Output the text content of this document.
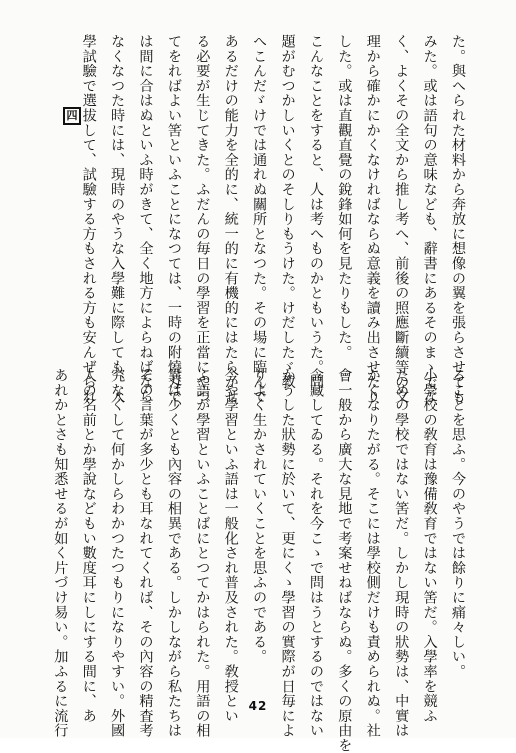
た。與へられた材料から奔放に想像の翼を張らさせても
みた。或は語句の意味なども、辭書にあるそのまゝでな
く、よくその全文から推し考へ、前後の照應斷續等の文
理から確かにかくなければならぬ意義を讀み出させたり
した。或は直觀直覺の銳鋒如何を見たりもした。
こんなことをすると、人は考へものかともいうた。問
題がむつかしいくとのそしりもうけた。けだしたゞ教
へこんだゞけでは通れぬ關所となつた。その場に臨んで
あるだけの能力を全的に、統一的に有機的にはたらかせ
る必要が生じてきた。ふだんの毎日の學習を正當にやつ
てをればよい筈といふことになつては、一時の附燒刄で
は間に合はぬといふ時がきて、全く地方によらねばなら
なくなつた時には、現時のやうな入學難に際しても、入
學試驗で選拔して、試驗する方もされる方も安んぜられ
四
ることを思ふ。今のやうでは餘りに痛々しい。
小學校の敎育は豫備敎育ではない筈だ。入學率を競ふ
ための學校ではない筈だ。しかし現時の狀勢は、中實は
かくなりたがる。そこには學校側だけも責められぬ。社
會一般から廣大な見地で考案せねばならぬ。多くの原由を
含藏してゐる。それを今こゝで問はうとするのではない
かうした狀勢に於いて、更にくゝ學習の實際が日毎によ
りよく生かされていくことを思ふのである。
今や學習といふ語は一般化され普及された。敎授とい
ふ語が學習といふことばにとつてかはられた。用語の相
異は少くとも內容の相異である。しかしながら私たちは
その言葉が多少とも耳なれてくれば、その內容の精査考
究なくして何かしらわかつたつもりになりやすい。外國
人の名前とか學說などもい數度耳にしにする間に、あ
あれかとさも知悉せるが如く片づけ易い。加ふるに流行	42
